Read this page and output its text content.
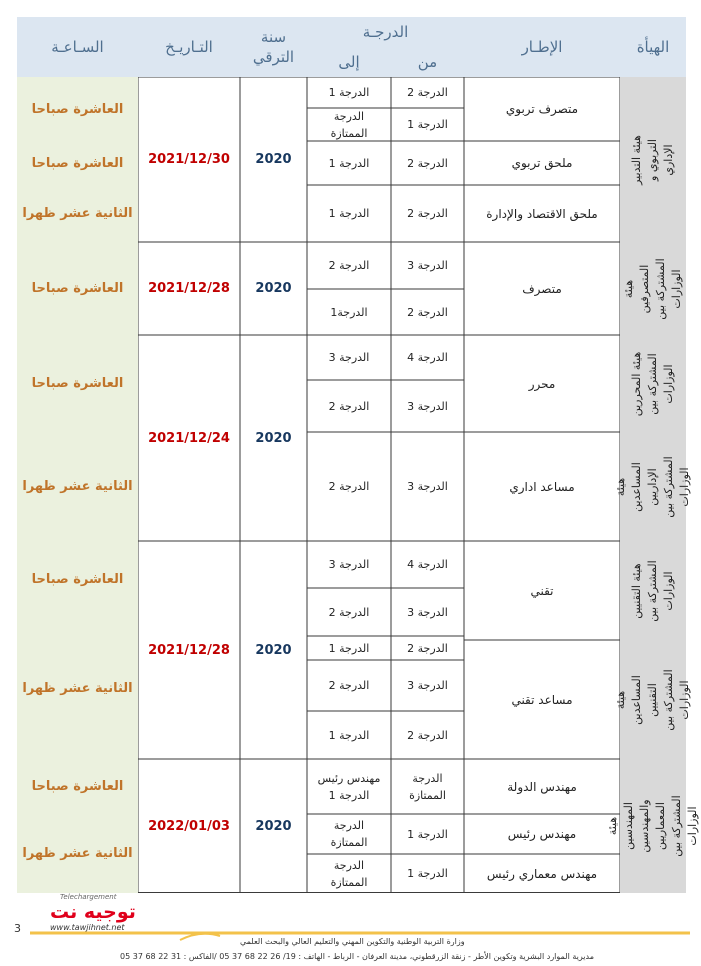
الهيأة
الإطـار
الدرجـة
من
إلى
سنة الترقي
التـاريـخ
السـاعـة
هيئة التدبير التربوي و الإداري
هيئة المتصرفين المشتركة بين الوزارات
هيئة المحررين المشتركة بين الوزارات
هيئة المساعدين الإداريين المشتركة بين الوزارات
هيئة التقنيين المشتركة بين الوزارات
هيئة المساعدين التقنيين المشتركة بين الوزارات
هيئة المهندسين والمهندسين المعماريين المشتركة بين الوزارات
متصرف تربوي
ملحق تربوي
ملحق الاقتصاد والإدارة
متصرف
محرر
مساعد اداري
تقني
مساعد تقني
مهندس الدولة
مهندس رئيس
مهندس معماري رئيس
الدرجة 2
الدرجة 1
الدرجة 1
الدرجة الممتازة
الدرجة 2
الدرجة 1
الدرجة 2
الدرجة 1
الدرجة 3
الدرجة 2
الدرجة 2
الدرجة1
الدرجة 4
الدرجة 3
الدرجة 3
الدرجة 2
الدرجة 3
الدرجة 2
الدرجة 4
الدرجة 3
الدرجة 3
الدرجة 2
الدرجة 2
الدرجة 1
الدرجة 3
الدرجة 2
الدرجة 2
الدرجة 1
الدرجة الممتازة
مهندس رئيس الدرجة 1
الدرجة 1
الدرجة الممتازة
الدرجة 1
الدرجة الممتازة
2020
2020
2020
2020
2020
2021/12/30
2021/12/28
2021/12/24
2021/12/28
2022/01/03
العاشرة صباحا
العاشرة صباحا
الثانية عشر ظهرا
العاشرة صباحا
العاشرة صباحا
الثانية عشر ظهرا
العاشرة صباحا
الثانية عشر ظهرا
العاشرة صباحا
الثانية عشر ظهرا
Telechargement
توجيه نت
www.tawjihnet.net
3
وزارة التربية الوطنية والتكوين المهني والتعليم العالي والبحث العلمي
مديرية الموارد البشرية وتكوين الأطر - زنقة الزرقطوني، مدينة العرفان - الرباط - الهاتف : 19/ 26 22 68 37 05 /الفاكس : 31 22 68 37 05
